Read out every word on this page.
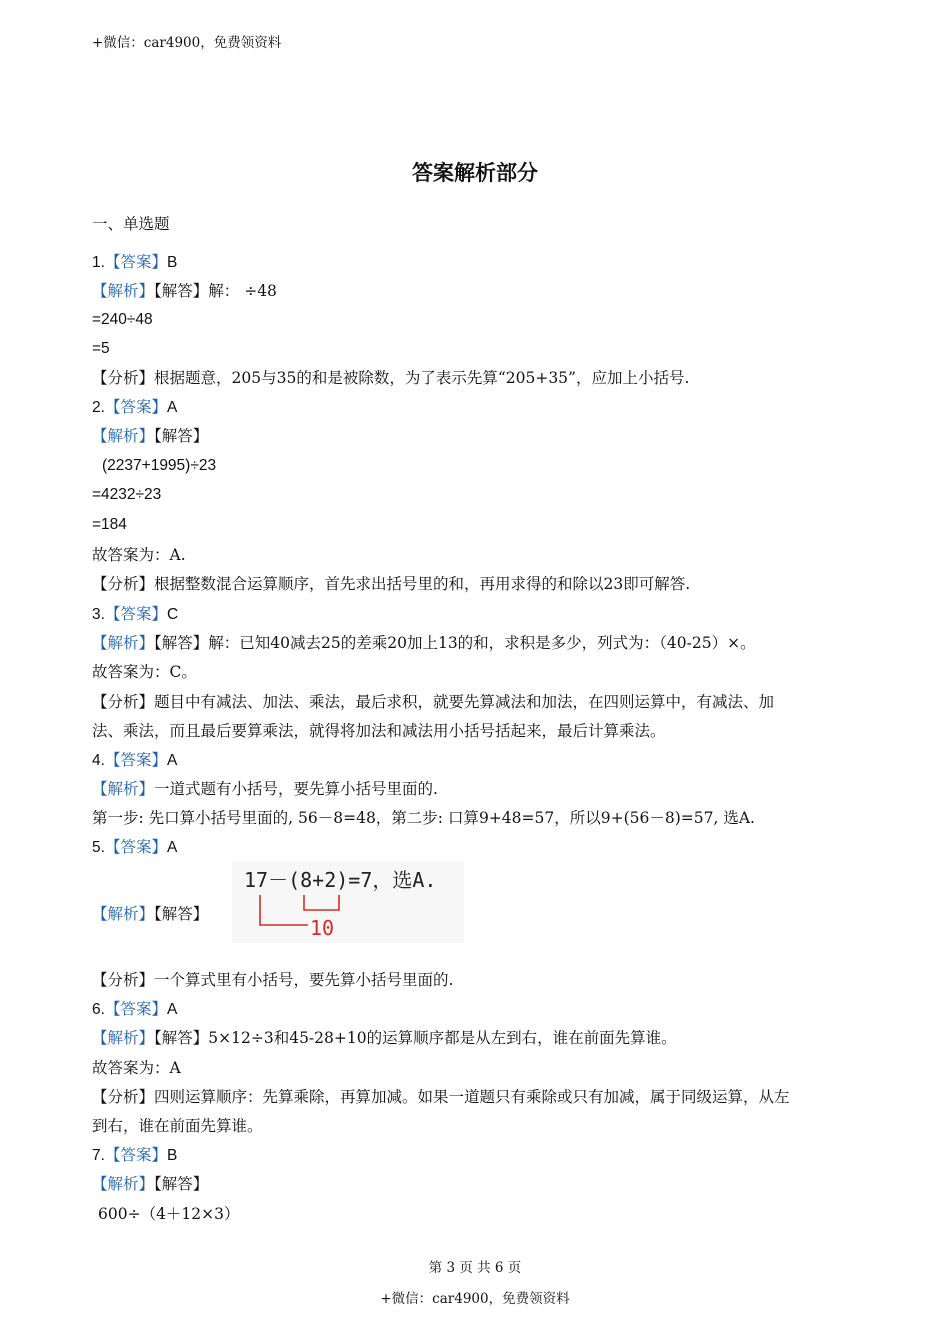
+微信：car4900，免费领资料
答案解析部分
一、单选题
1.【答案】B
【解析】【解答】解： ÷48
=240÷48
=5
【分析】根据题意，205与35的和是被除数，为了表示先算“205+35”，应加上小括号.
2.【答案】A
【解析】【解答】
(2237+1995)÷23
=4232÷23
=184
故答案为：A.
【分析】根据整数混合运算顺序，首先求出括号里的和，再用求得的和除以23即可解答.
3.【答案】C
【解析】【解答】解：已知40减去25的差乘20加上13的和，求积是多少，列式为：（40-25）×。
故答案为：C。
【分析】题目中有减法、加法、乘法，最后求积，就要先算减法和加法，在四则运算中，有减法、加
法、乘法，而且最后要算乘法，就得将加法和减法用小括号括起来，最后计算乘法。
4.【答案】A
【解析】一道式题有小括号，要先算小括号里面的.
第一步: 先口算小括号里面的, 56－8=48，第二步: 口算9+48=57，所以9+(56－8)=57, 选A.
5.【答案】A
【解析】【解答】
17－(8+2)=7，选A.
10
【分析】一个算式里有小括号，要先算小括号里面的.
6.【答案】A
【解析】【解答】5×12÷3和45-28+10的运算顺序都是从左到右，谁在前面先算谁。
故答案为：A
【分析】四则运算顺序：先算乘除，再算加减。如果一道题只有乘除或只有加减，属于同级运算，从左
到右，谁在前面先算谁。
7.【答案】B
【解析】【解答】
600÷（4＋12×3）
第 3 页 共 6 页
+微信：car4900，免费领资料
